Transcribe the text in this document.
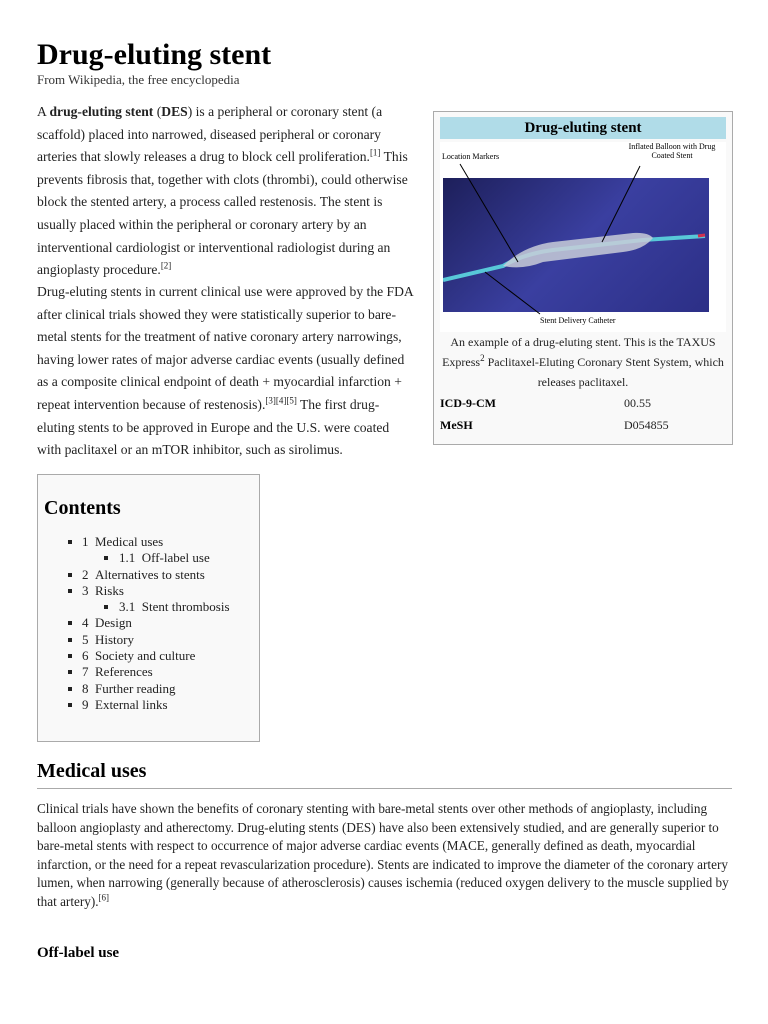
Drug-eluting stent
From Wikipedia, the free encyclopedia
A drug-eluting stent (DES) is a peripheral or coronary stent (a scaffold) placed into narrowed, diseased peripheral or coronary arteries that slowly releases a drug to block cell proliferation.[1] This prevents fibrosis that, together with clots (thrombi), could otherwise block the stented artery, a process called restenosis. The stent is usually placed within the peripheral or coronary artery by an interventional cardiologist or interventional radiologist during an angioplasty procedure.[2]
Drug-eluting stents in current clinical use were approved by the FDA after clinical trials showed they were statistically superior to bare-metal stents for the treatment of native coronary artery narrowings, having lower rates of major adverse cardiac events (usually defined as a composite clinical endpoint of death + myocardial infarction + repeat intervention because of restenosis).[3][4][5] The first drug-eluting stents to be approved in Europe and the U.S. were coated with paclitaxel or an mTOR inhibitor, such as sirolimus.
Drug-eluting stent
Location Markers
Inflated Balloon with Drug Coated Stent
Stent Delivery Catheter
An example of a drug-eluting stent. This is the TAXUS Express$^2$ Paclitaxel-Eluting Coronary Stent System, which releases paclitaxel.
ICD-9-CM	00.55
MeSH	D054855
Contents
1 Medical uses
1.1 Off-label use
2 Alternatives to stents
3 Risks
3.1 Stent thrombosis
4 Design
5 History
6 Society and culture
7 References
8 Further reading
9 External links
Medical uses
Clinical trials have shown the benefits of coronary stenting with bare-metal stents over other methods of angioplasty, including balloon angioplasty and atherectomy. Drug-eluting stents (DES) have also been extensively studied, and are generally superior to bare-metal stents with respect to occurrence of major adverse cardiac events (MACE, generally defined as death, myocardial infarction, or the need for a repeat revascularization procedure). Stents are indicated to improve the diameter of the coronary artery lumen, when narrowing (generally because of atherosclerosis) causes ischemia (reduced oxygen delivery to the muscle supplied by that artery).[6]
Off-label use
